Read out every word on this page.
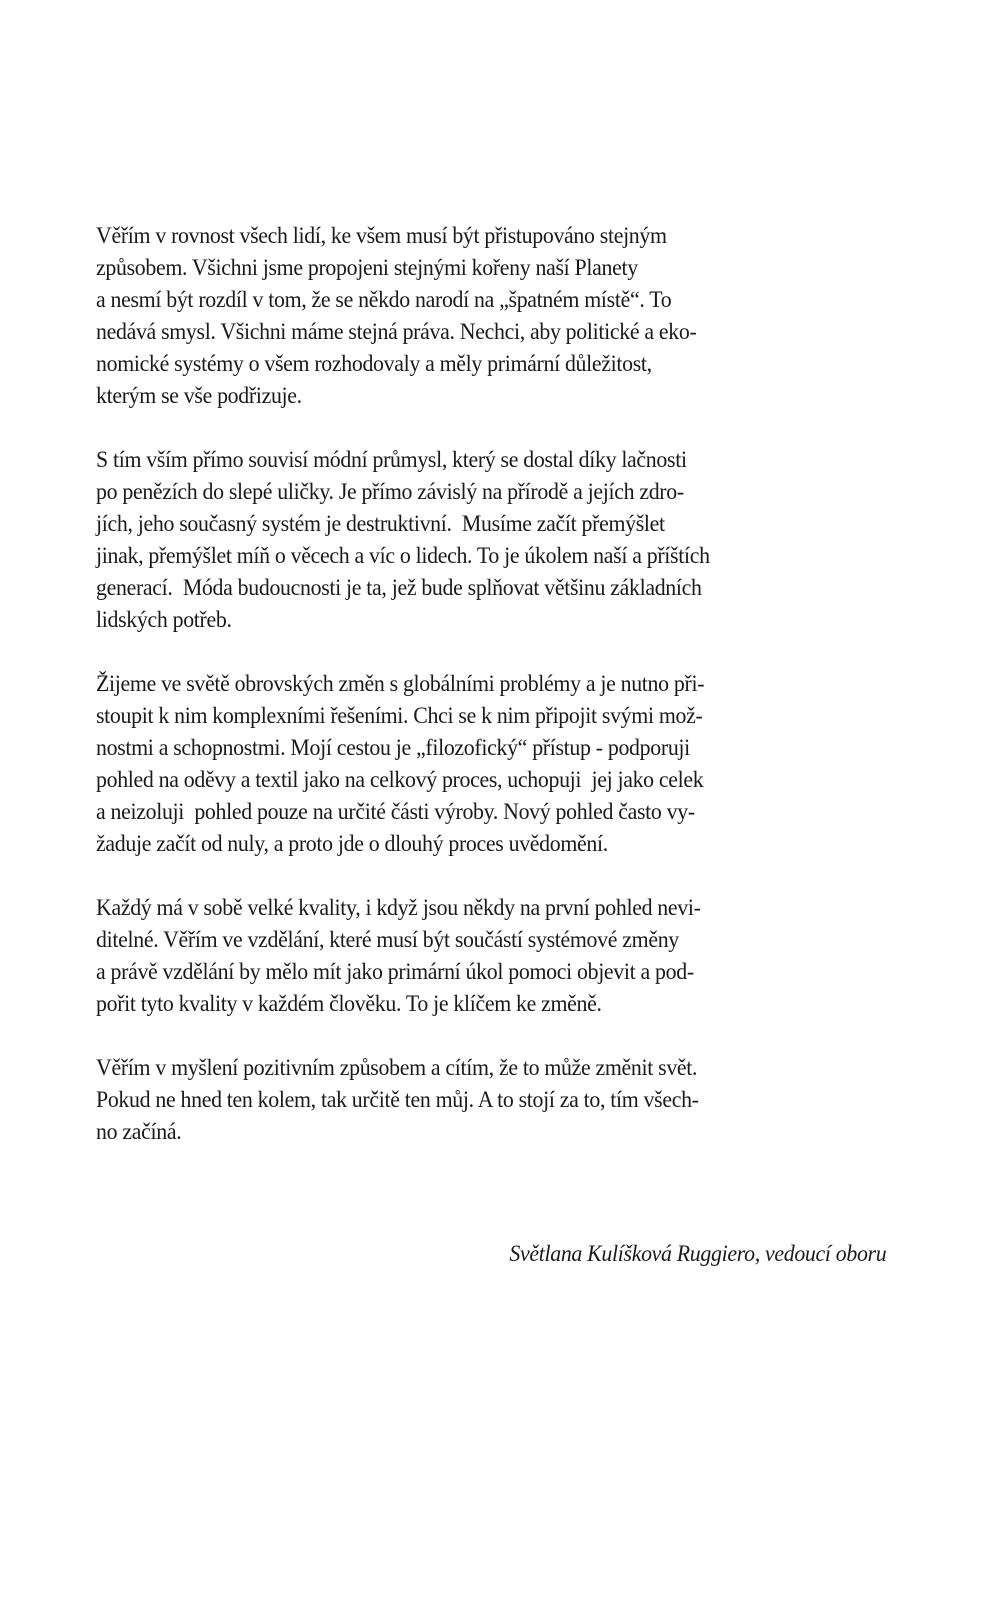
Věřím v rovnost všech lidí, ke všem musí být přistupováno stejným
způsobem. Všichni jsme propojeni stejnými kořeny naší Planety
a nesmí být rozdíl v tom, že se někdo narodí na „špatném místě“. To
nedává smysl. Všichni máme stejná práva. Nechci, aby politické a eko-
nomické systémy o všem rozhodovaly a měly primární důležitost,
kterým se vše podřizuje.

S tím vším přímo souvisí módní průmysl, který se dostal díky lačnosti
po penězích do slepé uličky. Je přímo závislý na přírodě a jejích zdro-
jích, jeho současný systém je destruktivní.  Musíme začít přemýšlet
jinak, přemýšlet míň o věcech a víc o lidech. To je úkolem naší a příštích
generací.  Móda budoucnosti je ta, jež bude splňovat většinu základních
lidských potřeb.

Žijeme ve světě obrovských změn s globálními problémy a je nutno při-
stoupit k nim komplexními řešeními. Chci se k nim připojit svými mož-
nostmi a schopnostmi. Mojí cestou je „filozofický“ přístup - podporuji
pohled na oděvy a textil jako na celkový proces, uchopuji  jej jako celek
a neizoluji  pohled pouze na určité části výroby. Nový pohled často vy-
žaduje začít od nuly, a proto jde o dlouhý proces uvědomění.

Každý má v sobě velké kvality, i když jsou někdy na první pohled nevi-
ditelné. Věřím ve vzdělání, které musí být součástí systémové změny
a právě vzdělání by mělo mít jako primární úkol pomoci objevit a pod-
pořit tyto kvality v každém člověku. To je klíčem ke změně.

Věřím v myšlení pozitivním způsobem a cítím, že to může změnit svět.
Pokud ne hned ten kolem, tak určitě ten můj. A to stojí za to, tím všech-
no začíná.

Světlana Kulíšková Ruggiero, vedoucí oboru
